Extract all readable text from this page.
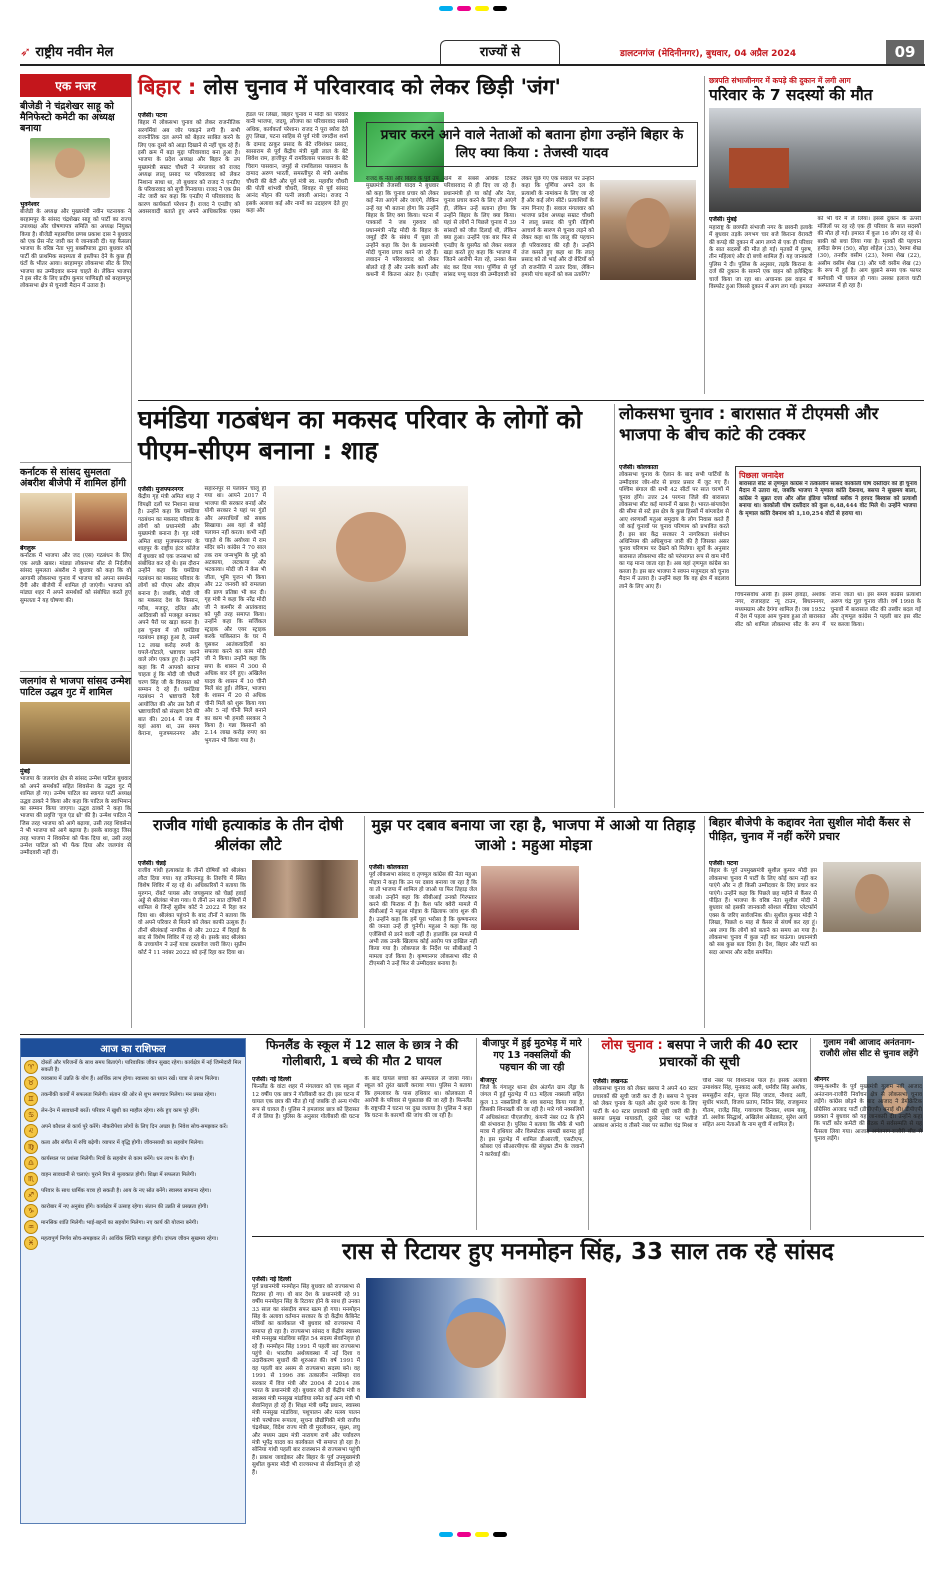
➶ राष्ट्रीय नवीन मेल	राज्यों से	डालटनगंज (मेदिनीनगर), बुधवार, 04 अप्रैल 2024	09
एक नजर
बीजेडी ने चंद्रशेखर साहू को मैनिफेस्टो कमेटी का अध्यक्ष बनाया
भुवनेश्वर
बीजेडी के अध्यक्ष और मुख्यमंत्री नवीन पटनायक ने बरहामपुर के सांसद चंद्रशेखर साहू को पार्टी का राज्य उपाध्यक्ष और घोषणापत्र समिति का अध्यक्ष नियुक्त किया है। बीजेडी महासचिव प्रणब प्रकाश दास ने बुधवार को एक प्रेस नोट जारी कर ये जानकारी दी। यह फैसला भाजपा के वरिष्ठ नेता भृगु बक्सीपात्रा द्वारा बुधवार को पार्टी की प्राथमिक सदस्यता से इस्तीफा देने के कुछ ही घंटों के भीतर आया। बरहामपुर लोकसभा सीट के लिए भाजपा का उम्मीदवार बनना चाहते थे। लेकिन भाजपा ने इस सीट के लिए प्रदीप कुमार पाणिग्रही को बरहामपुर लोकसभा क्षेत्र से चुनावी मैदान में उतारा है।
कर्नाटक से सांसद सुमलता अंबरीश बीजेपी में शामिल होंगी
बेंगलुरू
कर्नाटक में भाजपा और जद (एस) गठबंधन के लिए एक अच्छे खबर। मांड्या लोकसभा सीट से निर्दलीय सांसद सुमलता अंबरीश ने बुधवार को कहा कि वो आगामी लोकसभा चुनाव में भाजपा को अपना समर्थन देंगी और बीजेपी में शामिल हो जाएंगी। भाजपा को मांड्या शहर में अपने समर्थकों को संबोधित करते हुए सुमलता ने यह घोषणा की।
जलगांव से भाजपा सांसद उन्मेश पाटिल उद्धव गुट में शामिल
मुंबई
भाजपा के जलगांव क्षेत्र से सांसद उन्मेश पाटिल बुधवार को अपने समर्थकों सहित शिवसेना के उद्धव गुट में शामिल हो गए। उन्मेष पाटिल का स्वागत पार्टी अध्यक्ष उद्धव ठाकरे ने किया और कहा कि पाटिल के स्वाभिमान का सम्मान किया जाएगा। उद्धव ठाकरे ने कहा कि भाजपा की प्रवृत्ति 'यूज एंड थ्रो' की है। उन्मेश पाटिल ने जिस तरह भाजपा को आगे बढ़ाया, उसी तरह शिवसेना ने भी भाजपा को आगे बढ़ाया है। इसके बावजूद जिस तरह भाजपा ने शिवसेना को फेंक दिया था, उसी तरह उन्मेश पाटिल को भी फेंक दिया और जलगांव से उम्मीदवारी नहीं दी।
बिहार : लोस चुनाव में परिवारवाद को लेकर छिड़ी 'जंग'
एजेंसी। पटना
बिहार में लोकसभा चुनाव को लेकर राजनीतिक सरगर्मियां अब जोर पकड़ने लगी हैं। सभी राजनीतिक दल अपने को बेहतर साबित करने के लिए एक दूसरे को आड़ा दिखाने से नहीं चूक रहे हैं। इसी क्रम में बड़ा मुद्दा परिवारवाद बना हुआ है। भाजपा के प्रदेश अध्यक्ष और बिहार के उप मुख्यमंत्री सम्राट चौधरी ने मंगलवार को राजद अध्यक्ष लालू प्रसाद पर परिवारवाद को लेकर निशाना साधा था, तो बुधवार को राजद ने एनडीए के परिवारवाद को सूची गिनवाया। राजद ने एक प्रेस नोट जारी कर कहा कि एनडीए में परिवारवाद के कारण कार्यकर्ता परेशान हैं। राजद ने एनडीए को अवसरवादी बताते हुए अपने आधिकारिक एक्स हैंडल पर लिखा, बिहार चुनाव में मोदी का परिवार यानी भाजपा, जदयू, लोजपा का परिवारवाद सबसे अधिक, कार्यकर्ता परेशान। राजद ने पूरा ब्योरा देते हुए लिखा, पटना साहिब से पूर्व मंत्री जगदीश शर्मा के दामाद ठाकुर प्रसाद के बेटे रविशंकर प्रसाद, सासाराम से पूर्व केंद्रीय मंत्री मुन्नी लाल के बेटे शिवेश राम, हाजीपुर में रामविलास पासवान के बेटे चिराग पासवान, जमुई से रामविलास पासवान के दामाद अरुण भारती, समस्तीपुर से मंत्री अशोक चौधरी की बेटी और पूर्व मंत्री स्व. महावीर चौधरी की पोती शांभवी चौधरी, शिवहर से पूर्व सांसद आनंद मोहन की पत्नी लवली आनंद। राजद ने इसके अलावा कई और नामों का उदाहरण देते हुए कहा और
प्रचार करने आने वाले नेताओं को बताना होगा उन्होंने बिहार के लिए क्या किया : तेजस्वी यादव
राजद के नेता और बिहार के पूर्व उप मुख्यमंत्री तेजस्वी यादव ने बुधवार को कहा कि चुनाव प्रचार को लेकर कई नेता आएंगे और जाएंगे, लेकिन उन्हें यह भी बताना होगा कि उन्होंने बिहार के लिए क्या किया। पटना में पत्रकारों ने जब गुरुवार को प्रधानमंत्री नरेंद्र मोदी के बिहार के जमुई दौरे के संबंध में पूछा तो उन्होंने कहा कि देश के प्रधानमंत्री मोदी चुनाव प्रचार करने जा रहे हैं। लवादन ने परिवारवाद को लेकर बोलते रहे हैं और उनके कार्यों और कथनी में कितना अंतर है। एनडीए खेमे से सबसे अधिक टिकट परिवारवाद से ही दिए जा रहे हैं। प्रधानमंत्री हो या कोई और नेता, चुनाव प्रचार करने के लिए तो आएंगे ही, लेकिन उन्हें बताना होगा कि उन्होंने बिहार के लिए क्या किया। यहां से लोगों ने पिछले चुनाव में 39 सांसदों को जीत दिलाई थी, लेकिन क्या हुआ। उन्होंने एक बार फिर से एनडीए के घुसपैठ को लेकर सवाल खड़ा करते हुए कहा कि भाजपा में जितने आरोपी नेता रहे, उनका केस बंद कर दिया गया। पूर्णिया से पूर्व सांसद पप्पू यादव की उम्मीदवारी को लेकर पूछे गए एक सवाल पर उन्होंने कहा कि पूर्णिया अपने दल के प्रत्याशी के नामांकन के लिए जा रहे हैं और कई लोग सीटें। प्रत्याशियों के नाम गिनाए हैं। सवाल मंगलवार को भाजपा प्रदेश अध्यक्ष सम्राट चौधरी ने लालू प्रसाद की पुत्री रोहिणी आचार्य के सारण से चुनाव लड़ने को लेकर कहा था कि लालू की पहचान ही परिवारवाद की रही है। उन्होंने तंज कसते हुए कहा था कि लालू प्रसाद को तो भाई और दो बेटियों को तो राजनीति में उतार दिया, लेकिन हमारी पांच बहनों को कब उतारेंगे?
छत्रपति संभाजीनगर में कपड़े की दुकान में लगी आग
परिवार के 7 सदस्यों की मौत
एजेंसी। मुंबई
महाराष्ट्र के छत्रपति संभाजी नगर के छावनी इलाके में बुधवार तड़के लगभग चार बजे किराना वेरायटी की कपड़े की दुकान में आग लगने से एक ही परिवार के सात सदस्यों की मौत हो गई। मृतकों में पुरुष, तीन महिलाएं और दो बच्चे शामिल हैं। यह जानकारी पुलिस ने दी। पुलिस के अनुसार, तड़के किराना के दर्ज की दुकान के सामने एक वाहन को इलेक्ट्रिक चार्ज किया जा रहा था। अचानक इस वाहन में विस्फोट हुआ जिससे दुकान में आग लग गई। इमारत को भी घेरे में ले लिया। इससे दुकान के ऊपरी मंजिलों पर रह रहे एक ही परिवार के सात सदस्यों की मौत हो गई। इमारत में कुल 16 लोग रह रहे थे। बाकी को बचा लिया गया है। मृतकों की पहचान हमीदा बेगम (50), सोहा शोहेल (35), रेशमा शेख (30), तनवीर वसीम (23), रेशमा शेख (22), असीम वसीम शेख (3) और परी वसीम शेख (2) के रूप में हुई है। आग बुझाने समय एक फायर कर्मचारी भी घायल हो गया। उसका इलाज घाटी अस्पताल में हो रहा है।
घमंडिया गठबंधन का मकसद परिवार के लोगों को पीएम-सीएम बनाना : शाह
एजेंसी। मुजफ्फरनगर
केंद्रीय गृह मंत्री अमित शाह ने विपक्षी दलों पर निशाना साधा है। उन्होंने कहा कि घमंडिया गठबंधन का मकसद परिवार के लोगों को प्रधानमंत्री और मुख्यमंत्री बनाना है। गृह मंत्री अमित शाह मुजफ्फरनगर के शाहपुर के राष्ट्रीय इंटर कॉलेज में बुधवार को एक जनसभा को संबोधित कर रहे थे। इस दौरान उन्होंने कहा कि घमंडिया गठबंधन का मकसद परिवार के लोगों को पीएम और सीएम बनाना है। जबकि, मोदी जी का मकसद देश के किसान, गरीब, मजदूर, दलित और आदिवासी को मजबूत बनाकर अपने पैरों पर खड़ा करना है। इस चुनाव में जो घमंडिया गठबंधन इकट्ठा हुआ है, उसमें 12 लाख करोड़ रुपये के घपले-घोटाले, भ्रष्टाचार करने वाले लोग एकत्र हुए हैं। उन्होंने कहा कि मैं आपको बताना चाहता हूं कि मोदी जी चौधरी चरण सिंह जी के विरासत को सम्मान दे रहे हैं। घमंडिया गठबंधन ने भ्रष्टाचारी रैली आयोजित की और उस रैली में भ्रष्टाचारियों को संरक्षण देने की बात की। 2014 में जब मैं यहां आया था, उस समय केराना, मुजफ्फरनगर और सहारनपुर से पलायन चालू हो गया था। आपने 2017 में भाजपा की सरकार बनाई और योगी सरकार ने यहां पर गुंडों और अपराधियों को सबक सिखाया। अब यहां से कोई पलायन नहीं करता। कभी नहीं चाहते थे कि अयोध्या में राम मंदिर बने। कांग्रेस ने 70 साल तक राम जन्मभूमि के मुद्दे को अटकाया, लटकाया और भटकाया। मोदी जी ने केस भी जीता, भूमि पूजन भी किया और 22 जनवरी को रामलला की प्राण प्रतिष्ठा भी कर दी। गृह मंत्री ने कहा कि नरेंद्र मोदी जी ने कश्मीर से आतंकवाद को पूरी तरह समाप्त किया। उन्होंने कहा कि सर्जिकल स्ट्राइक और एयर स्ट्राइक करके पाकिस्तान के घर में घुसकर आतंकवादियों का सफाया करने का काम मोदी जी ने किया। उन्होंने कहा कि सपा के शासन में 300 से अधिक बार दंगे हुए। अखिलेश यादव के शासन में 10 चीनी मिलें बंद हुईं। लेकिन, भाजपा के शासन में 20 से अधिक चीनी मिलें को शुरू किया गया और 5 नई चीनी मिलें बनाने का काम भी हमारी सरकार ने किया है। गन्ना किसानों को 2.14 लाख करोड़ रुपए का भुगतान भी किया गया है।
लोकसभा चुनाव : बारासात में टीएमसी और भाजपा के बीच कांटे की टक्कर
एजेंसी। कोलकाता
लोकसभा चुनाव के ऐलान के बाद सभी पार्टियों के उम्मीदवार जोर-शोर से प्रचार प्रसार में जुट गए हैं। पश्चिम बंगाल की सभी 42 सीटों पर सात चरणों में चुनाव होंगे। उत्तर 24 परगना जिले की बारासात लोकसभा सीट कई मायनों में खास है। भारत-बांग्लादेश की सीमा से सटे इस क्षेत्र के कुछ हिस्सों में बांग्लादेश से आए शरणार्थी मतुआ समुदाय के लोग निवास करते हैं जो कई चुनावों पर चुनाव परिणाम को प्रभावित करते हैं। इस बार केंद्र सरकार ने नागरिकता संशोधन अधिनियम की अधिसूचना जारी की है जिसका असर चुनाव परिणाम पर देखने को मिलेगा। सूत्रों के अनुसार बारासात लोकसभा सीट को परंपरागत रूप से वाम मोर्चे का गढ़ माना जाता रहा है। अब यहां तृणमूल कांग्रेस का कब्जा है। इस बार भाजपा ने स्वपन मजूमदार को चुनाव मैदान में उतारा है। उन्होंने कहा कि वह क्षेत्र में बदलाव लाने के लिए आए हैं।
पिछला जनादेश
बारासात सीट से तृणमूल कांग्रेस ने तत्कालीन सांसद काकोली घोष दस्तीदार को ही चुनाव मैदान में उतारा था, जबकि भाजपा ने मृणाल कांति देबनाथ, बसपा ने सुखमय बाला, कांग्रेस ने सुब्रत दत्ता और ऑल इंडिया फॉरवर्ड ब्लॉक ने हरपद बिस्वास को प्रत्याशी बनाया था। काकोली घोष दस्तीदार को कुल 6,48,444 वोट मिले थे। उन्होंने भाजपा के मृणाल कांति देबनाथ को 1,10,254 वोटों से हराया था।
चिचनसर्वाध आयी हैं। इसमें हावड़ा, अशोक नगर, राजारहाट न्यू टाउन, बिधाननगर, मध्यमग्राम और देगंगा शामिल हैं। जब 1952 में देश में पहला आम चुनाव हुआ तो बारासात सीट को शामिल लोकसभा सीट के रूप में जाना जाता था। इस समय कांग्रेस प्रत्याशी अरुण चंद्र गुहा चुनाव जीते। वर्ष 1998 के चुनावों में बारासात सीट की तस्वीर बदल गई और तृणमूल कांग्रेस ने पहली बार इस सीट पर कब्जा किया।
राजीव गांधी हत्याकांड के तीन दोषी श्रीलंका लौटे
एजेंसी। चेन्नई
राजीव गांधी हत्याकांड के तीनों दोषियों को श्रीलंका लौटा दिया गया। यह तमिलनाडु के तिरुचि में स्थित विशेष शिविर में रह रहे थे। अधिकारियों ने बताया कि मुरुगन, रॉबर्ट पायस और जयकुमार को चेन्नई हवाई अड्डे से श्रीलंका भेजा गया। ये तीनों उन सात दोषियों में शामिल थे जिन्हें सुप्रीम कोर्ट ने 2022 में रिहा कर दिया था। श्रीलंका पहुंचने के बाद तीनों ने बताया कि वो अपने परिवार से मिलने को लेकर काफी उत्सुक हैं। तीनों श्रीलंकाई नागरिक थे और 2022 में रिहाई के बाद से विशेष शिविर में रह रहे थे। इसके बाद श्रीलंका के उच्चायोग ने उन्हें यात्रा दस्तावेज जारी किए। सुप्रीम कोर्ट ने 11 नवंबर 2022 को इन्हें रिहा कर दिया था।
मुझ पर दबाव बनाया जा रहा है, भाजपा में आओ या तिहाड़ जाओ : महुआ मोइत्रा
एजेंसी। कोलकाता
पूर्व लोकसभा सांसद व तृणमूल कांग्रेस की नेता महुआ मोइत्रा ने कहा कि उन पर दबाव बनाया जा रहा है कि या तो भाजपा में शामिल हो जाओ या फिर तिहाड़ जेल जाओ। उन्होंने कहा कि सीबीआई उनको गिरफ्तार करने की फिराक में है। कैश फॉर क्वेरी मामले में सीबीआई ने महुआ मोइत्रा के खिलाफ जांच शुरू की है। उन्होंने कहा कि हमें पूरा भरोसा है कि कृष्णानगर की जनता उन्हें ही चुनेगी। महुआ ने कहा कि वह एजेंसियों से डरने वाली नहीं हैं। हालांकि इस मामले में अभी तक उनके खिलाफ कोई आरोप पत्र दाखिल नहीं किया गया है। लोकपाल के निर्देश पर सीबीआई ने मामला दर्ज किया है। कृष्णानगर लोकसभा सीट से टीएमसी ने उन्हें फिर से उम्मीदवार बनाया है।
बिहार बीजेपी के कद्दावर नेता सुशील मोदी कैंसर से पीड़ित, चुनाव में नहीं करेंगे प्रचार
एजेंसी। पटना
बिहार के पूर्व उपमुख्यमंत्री सुशील कुमार मोदी इस लोकसभा चुनाव में पार्टी के लिए कोई काम नहीं कर पाएंगे और न ही किसी उम्मीदवार के लिए प्रचार कर पाएंगे। उन्होंने कहा कि पिछले छह महीने से कैंसर से पीड़ित हैं। भाजपा के वरिष्ठ नेता सुशील मोदी ने बुधवार को इसकी जानकारी सोशल मीडिया प्लेटफॉर्म एक्स के जरिए सार्वजनिक की। सुशील कुमार मोदी ने लिखा, पिछले 6 माह से कैंसर से संघर्ष कर रहा हूं। अब लगा कि लोगों को बताने का समय आ गया है। लोकसभा चुनाव में कुछ नहीं कर पाऊंगा। प्रधानमंत्री को सब कुछ बता दिया है। देश, बिहार और पार्टी का सदा आभार और सदैव समर्पित।
आज का राशिफल
♈	दोस्तों और परिजनों के साथ समय बिताएंगे। पारिवारिक जीवन सुखद रहेगा। कार्यक्षेत्र में नई जिम्मेदारी मिल सकती है।
♉	व्यवसाय में उन्नति के योग हैं। आर्थिक लाभ होगा। स्वास्थ्य का ध्यान रखें। यात्रा से लाभ मिलेगा।
♊	तकनीकी कार्यों में सफलता मिलेगी। संतान की ओर से शुभ समाचार मिलेगा। मन प्रसन्न रहेगा।
♋	लेन-देन में सावधानी बरतें। परिवार में खुशी का माहौल रहेगा। रुके हुए काम पूरे होंगे।
♌	अपने कौशल से कार्य पूरे करेंगे। नौकरीपेशा लोगों के लिए दिन अच्छा है। निवेश सोच-समझकर करें।
♍	कला और संगीत में रुचि बढ़ेगी। व्यापार में वृद्धि होगी। जीवनसाथी का सहयोग मिलेगा।
♎	कार्यस्थल पर प्रशंसा मिलेगी। मित्रों के सहयोग से काम बनेंगे। धन लाभ के योग हैं।
♏	वाहन सावधानी से चलाएं। पुराने मित्र से मुलाकात होगी। शिक्षा में सफलता मिलेगी।
♐	परिवार के साथ धार्मिक यात्रा हो सकती है। आय के नए स्रोत बनेंगे। स्वास्थ्य सामान्य रहेगा।
♑	कारोबार में नए अनुबंध होंगे। कार्यक्षेत्र में उत्साह रहेगा। संतान की उन्नति से प्रसन्नता होगी।
♒	मानसिक शांति मिलेगी। भाई-बहनों का सहयोग मिलेगा। नए कार्य की योजना बनेगी।
♓	महत्वपूर्ण निर्णय सोच-समझकर लें। आर्थिक स्थिति मजबूत होगी। दांपत्य जीवन सुखमय रहेगा।
फिनलैंड के स्कूल में 12 साल के छात्र ने की गोलीबारी, 1 बच्चे की मौत 2 घायल
एजेंसी। नई दिल्ली
फिनलैंड के वांटा शहर में मंगलवार को एक स्कूल में 12 वर्षीय एक छात्र ने गोलीबारी कर दी। इस घटना में घायल एक छात्र की मौत हो गई जबकि दो अन्य गंभीर रूप से घायल हैं। पुलिस ने हमलावर छात्र को हिरासत में ले लिया है। पुलिस के अनुसार गोलीबारी की घटना के बाद घायल बच्चों को अस्पताल ले जाया गया। स्कूल को तुरंत खाली कराया गया। पुलिस ने बताया कि हमलावर के पास हथियार था। कोलकाता में आरोपी के परिवार से पूछताछ की जा रही है। फिनलैंड के राष्ट्रपति ने घटना पर दुख जताया है। पुलिस ने कहा कि घटना के कारणों की जांच की जा रही है।
बीजापुर में हुई मुठभेड़ में मारे गए 13 नक्सलियों की पहचान की जा रही
बीजापुर
जिले के गंगालूर थाना क्षेत्र अंतर्गत ग्राम लेंड्रा के जंगल में हुई मुठभेड़ में 03 महिला नक्सली सहित कुल 13 नक्सलियों के शव बरामद किया गया है, जिसकी शिनाख्ती की जा रही है। मारे गये नक्सलियों में अधिकांशतः पीएलजीए, कंपनी नंबर 02 के होने की संभावना है। पुलिस ने बताया कि मौके से भारी मात्रा में हथियार और विस्फोटक सामग्री बरामद हुई है। इस मुठभेड़ में शामिल डीआरजी, एसटीएफ, कोबरा एवं सीआरपीएफ की संयुक्त टीम के जवानों ने कार्रवाई की।
लोस चुनाव : बसपा ने जारी की 40 स्टार प्रचारकों की सूची
एजेंसी। लखनऊ
लोकसभा चुनाव को लेकर बसपा ने अपने 40 स्टार प्रचारकों की सूची जारी कर दी है। बसपा ने चुनाव को लेकर चुनाव के पहले और दूसरे चरण के लिए पार्टी के 40 स्टार प्रचारकों की सूची जारी की है। बसपा प्रमुख मायावती, दूसरे नंबर पर भतीजे आकाश आनंद व तीसरे नंबर पर सतीश चंद्र मिश्रा व चौथे नंबर पर विश्वनाथ पाल हैं। इसके अलावा उमाशंकर सिंह, मुनकाद अली, धर्मवीर सिंह अशोक, समसुद्दीन राईन, सुरज सिंह जाटव, नौशाद अली, सुधीर भारती, विजय प्रताप, नितिन सिंह, राजकुमार गौतम, राजेंद्र सिंह, गयाचरण दिनकर, श्याम बाबू, डॉ. अशोक सिद्धार्थ, अखिलेश अंबेडकर, सुरेश आर्य सहित अन्य नेताओं के नाम सूची में शामिल हैं।
गुलाम नबी आजाद अनंतनाग-राजौरी लोस सीट से चुनाव लड़ेंगे
श्रीनगर
जम्मू-कश्मीर के पूर्व मुख्यमंत्री गुलाम नबी आजाद अनंतनाग-राजौरी निर्वाचन क्षेत्र से लोकसभा चुनाव लड़ेंगे। कांग्रेस छोड़ने के बाद आजाद ने डेमोक्रेटिक प्रोग्रेसिव आजाद पार्टी (डीपीएपी) बनाई थी। डीपीएपी प्रवक्ता ने बुधवार को यह जानकारी दी। उन्होंने कहा कि पार्टी कोर कमेटी की बैठक में सर्वसम्मति से यह फैसला लिया गया। आजाद अनंतनाग-राजौरी सीट से चुनाव लड़ेंगे।
रास से रिटायर हुए मनमोहन सिंह, 33 साल तक रहे सांसद
एजेंसी। नई दिल्ली
पूर्व प्रधानमंत्री मनमोहन सिंह बुधवार को राज्यसभा से रिटायर हो गए। वो बार देश के प्रधानमंत्री रहे 91 वर्षीय मनमोहन सिंह के रिटायर होने के साथ ही उनका 33 साल का संसदीय सफर खत्म हो गया। मनमोहन सिंह के अलावा वर्तमान सरकार के दो केंद्रीय कैबिनेट मंत्रियों का कार्यकाल भी बुधवार को राज्यसभा में समाप्त हो रहा है। राज्यसभा सांसद व केंद्रीय स्वास्थ्य मंत्री मनसुख मांडविया सहित 54 सदस्य सेवानिवृत्त हो रहे हैं। मनमोहन सिंह 1991 में पहली बार राज्यसभा पहुंचे थे। भारतीय अर्थव्यवस्था में नई दिशा व उदारीकरण सुधारों की शुरुआत की। वर्ष 1991 में वह पहली बार असम से राज्यसभा सदस्य बने। वह 1991 से 1996 तक तत्कालीन नरसिम्हा राव सरकार में वित्त मंत्री और 2004 से 2014 तक भारत के प्रधानमंत्री रहे। बुधवार को ही केंद्रीय मंत्री व स्वास्थ्य मंत्री मनसुख मांडविया समेत कई अन्य मंत्री भी सेवानिवृत्त हो रहे हैं। शिक्षा मंत्री धर्मेंद्र प्रधान, स्वास्थ्य मंत्री मनसुख मांडविया, पशुपालन और मत्स्य पालन मंत्री परषोत्तम रूपाला, सूचना प्रौद्योगिकी मंत्री राजीव चंद्रशेखर, विदेश राज्य मंत्री वी मुरलीधरन, सूक्ष्म, लघु और मध्यम उद्यम मंत्री नारायण राणे और पर्यावरण मंत्री भूपेंद्र यादव का कार्यकाल भी समाप्त हो रहा है। सोनिया गांधी पहली बार राजस्थान से राज्यसभा पहुंची हैं। प्रकाश जावड़ेकर और बिहार के पूर्व उपमुख्यमंत्री सुशील कुमार मोदी भी राज्यसभा से सेवानिवृत्त हो रहे हैं।
